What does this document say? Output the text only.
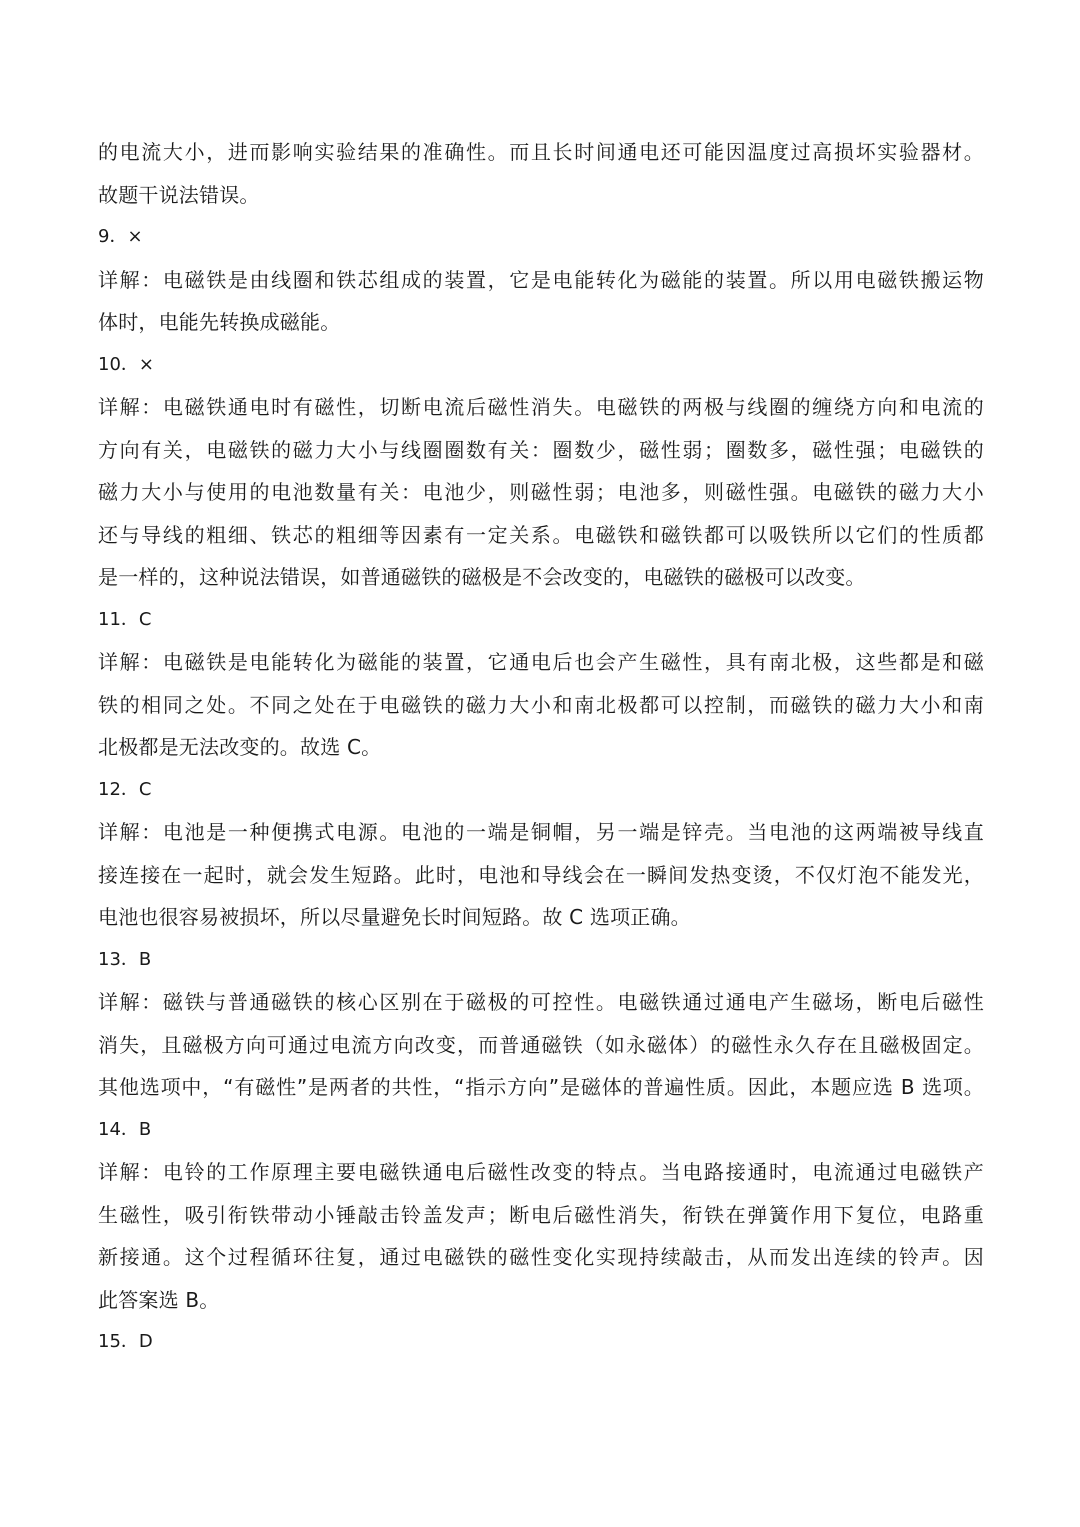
的电流大小，进而影响实验结果的准确性。而且长时间通电还可能因温度过高损坏实验器材。
故题干说法错误。
9．×
详解：电磁铁是由线圈和铁芯组成的装置，它是电能转化为磁能的装置。所以用电磁铁搬运物
体时，电能先转换成磁能。
10．×
详解：电磁铁通电时有磁性，切断电流后磁性消失。电磁铁的两极与线圈的缠绕方向和电流的
方向有关，电磁铁的磁力大小与线圈圈数有关：圈数少，磁性弱；圈数多，磁性强；电磁铁的
磁力大小与使用的电池数量有关：电池少，则磁性弱；电池多，则磁性强。电磁铁的磁力大小
还与导线的粗细、铁芯的粗细等因素有一定关系。电磁铁和磁铁都可以吸铁所以它们的性质都
是一样的，这种说法错误，如普通磁铁的磁极是不会改变的，电磁铁的磁极可以改变。
11．C
详解：电磁铁是电能转化为磁能的装置，它通电后也会产生磁性，具有南北极，这些都是和磁
铁的相同之处。不同之处在于电磁铁的磁力大小和南北极都可以控制，而磁铁的磁力大小和南
北极都是无法改变的。故选 C。
12．C
详解：电池是一种便携式电源。电池的一端是铜帽，另一端是锌壳。当电池的这两端被导线直
接连接在一起时，就会发生短路。此时，电池和导线会在一瞬间发热变烫，不仅灯泡不能发光，
电池也很容易被损坏，所以尽量避免长时间短路。故 C 选项正确。
13．B
详解：磁铁与普通磁铁的核心区别在于磁极的可控性。电磁铁通过通电产生磁场，断电后磁性
消失，且磁极方向可通过电流方向改变，而普通磁铁（如永磁体）的磁性永久存在且磁极固定。
其他选项中，“有磁性”是两者的共性，“指示方向”是磁体的普遍性质。因此，本题应选 B 选项。
14．B
详解：电铃的工作原理主要电磁铁通电后磁性改变的特点。当电路接通时，电流通过电磁铁产
生磁性，吸引衔铁带动小锤敲击铃盖发声；断电后磁性消失，衔铁在弹簧作用下复位，电路重
新接通。这个过程循环往复，通过电磁铁的磁性变化实现持续敲击，从而发出连续的铃声。因
此答案选 B。
15．D
